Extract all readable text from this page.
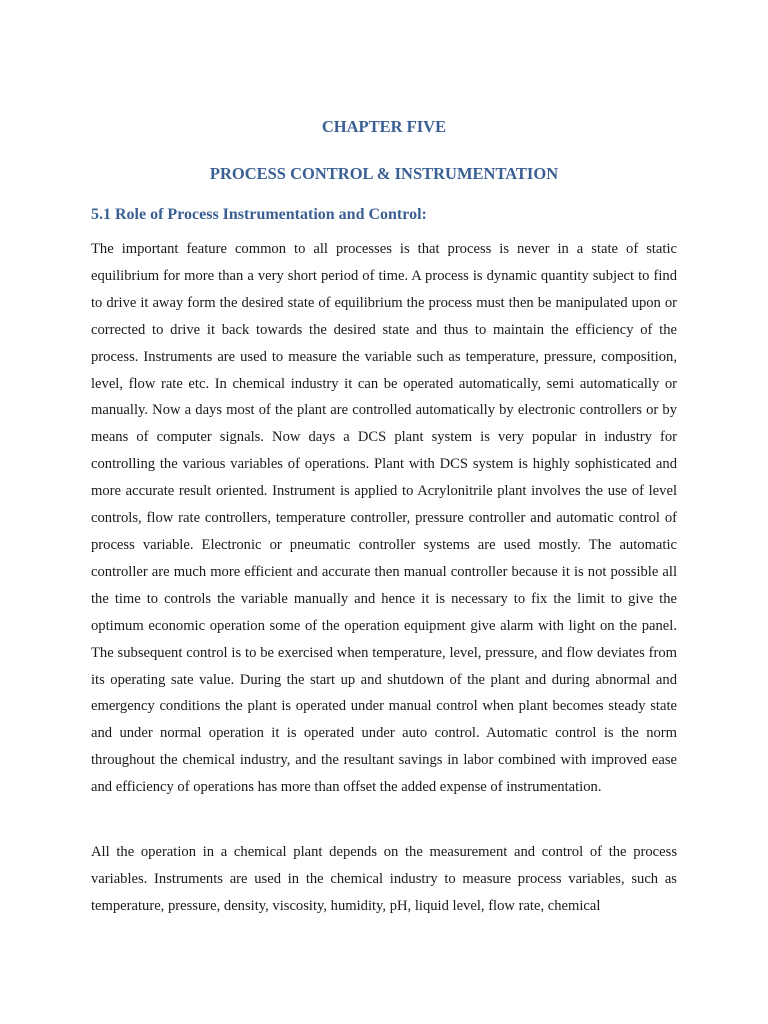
CHAPTER FIVE
PROCESS CONTROL & INSTRUMENTATION
5.1 Role of Process Instrumentation and Control:

The important feature common to all processes is that process is never in a state of static equilibrium for more than a very short period of time. A process is dynamic quantity subject to find to drive it away form the desired state of equilibrium the process must then be manipulated upon or corrected to drive it back towards the desired state and thus to maintain the efficiency of the process. Instruments are used to measure the variable such as temperature, pressure, composition, level, flow rate etc. In chemical industry it can be operated automatically, semi automatically or manually. Now a days most of the plant are controlled automatically by electronic controllers or by means of computer signals. Now days a DCS plant system is very popular in industry for controlling the various variables of operations. Plant with DCS system is highly sophisticated and more accurate result oriented. Instrument is applied to Acrylonitrile plant involves the use of level controls, flow rate controllers, temperature controller, pressure controller and automatic control of process variable. Electronic or pneumatic controller systems are used mostly. The automatic controller are much more efficient and accurate then manual controller because it is not possible all the time to controls the variable manually and hence it is necessary to fix the limit to give the optimum economic operation some of the operation equipment give alarm with light on the panel. The subsequent control is to be exercised when temperature, level, pressure, and flow deviates from its operating sate value. During the start up and shutdown of the plant and during abnormal and emergency conditions the plant is operated under manual control when plant becomes steady state and under normal operation it is operated under auto control. Automatic control is the norm throughout the chemical industry, and the resultant savings in labor combined with improved ease and efficiency of operations has more than offset the added expense of instrumentation.

All the operation in a chemical plant depends on the measurement and control of the process variables. Instruments are used in the chemical industry to measure process variables, such as temperature, pressure, density, viscosity, humidity, pH, liquid level, flow rate, chemical
